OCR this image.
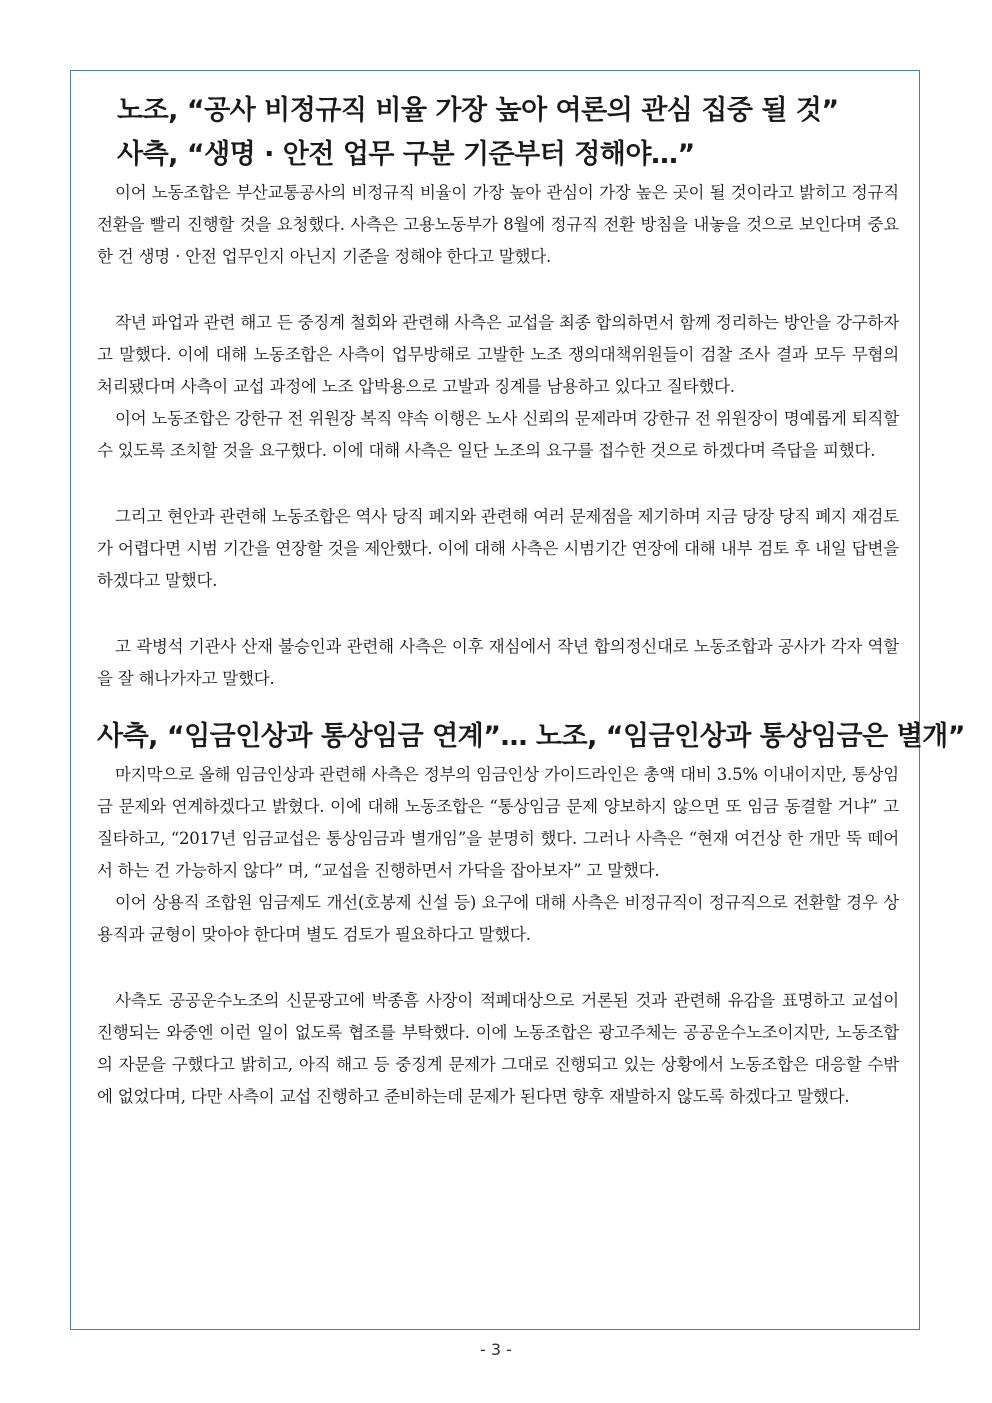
노조, “공사 비정규직 비율 가장 높아 여론의 관심 집중 될 것”
사측, “생명 · 안전 업무 구분 기준부터 정해야…”

이어 노동조합은 부산교통공사의 비정규직 비율이 가장 높아 관심이 가장 높은 곳이 될 것이라고 밝히고 정규직 전환을 빨리 진행할 것을 요청했다. 사측은 고용노동부가 8월에 정규직 전환 방침을 내놓을 것으로 보인다며 중요한 건 생명 · 안전 업무인지 아닌지 기준을 정해야 한다고 말했다.

작년 파업과 관련 해고 든 중징계 철회와 관련해 사측은 교섭을 최종 합의하면서 함께 정리하는 방안을 강구하자고 말했다. 이에 대해 노동조합은 사측이 업무방해로 고발한 노조 쟁의대책위원들이 검찰 조사 결과 모두 무혐의 처리됐다며 사측이 교섭 과정에 노조 압박용으로 고발과 징계를 남용하고 있다고 질타했다.

이어 노동조합은 강한규 전 위원장 복직 약속 이행은 노사 신뢰의 문제라며 강한규 전 위원장이 명예롭게 퇴직할 수 있도록 조치할 것을 요구했다. 이에 대해 사측은 일단 노조의 요구를 접수한 것으로 하겠다며 즉답을 피했다.

그리고 현안과 관련해 노동조합은 역사 당직 폐지와 관련해 여러 문제점을 제기하며 지금 당장 당직 폐지 재검토가 어렵다면 시범 기간을 연장할 것을 제안했다. 이에 대해 사측은 시범기간 연장에 대해 내부 검토 후 내일 답변을 하겠다고 말했다.

고 곽병석 기관사 산재 불승인과 관련해 사측은 이후 재심에서 작년 합의정신대로 노동조합과 공사가 각자 역할을 잘 해나가자고 말했다.

사측, “임금인상과 통상임금 연계”… 노조, “임금인상과 통상임금은 별개”

마지막으로 올해 임금인상과 관련해 사측은 정부의 임금인상 가이드라인은 총액 대비 3.5% 이내이지만, 통상임금 문제와 연계하겠다고 밝혔다. 이에 대해 노동조합은 “통상임금 문제 양보하지 않으면 또 임금 동결할 거냐” 고 질타하고, “2017년 임금교섭은 통상임금과 별개임”을 분명히 했다. 그러나 사측은 “현재 여건상 한 개만 뚝 떼어서 하는 건 가능하지 않다” 며, “교섭을 진행하면서 가닥을 잡아보자” 고 말했다.

이어 상용직 조합원 임금제도 개선(호봉제 신설 등) 요구에 대해 사측은 비정규직이 정규직으로 전환할 경우 상용직과 균형이 맞아야 한다며 별도 검토가 필요하다고 말했다.

사측도 공공운수노조의 신문광고에 박종흠 사장이 적폐대상으로 거론된 것과 관련해 유감을 표명하고 교섭이 진행되는 와중엔 이런 일이 없도록 협조를 부탁했다. 이에 노동조합은 광고주체는 공공운수노조이지만, 노동조합의 자문을 구했다고 밝히고, 아직 해고 등 중징계 문제가 그대로 진행되고 있는 상황에서 노동조합은 대응할 수밖에 없었다며, 다만 사측이 교섭 진행하고 준비하는데 문제가 된다면 향후 재발하지 않도록 하겠다고 말했다.

- 3 -
